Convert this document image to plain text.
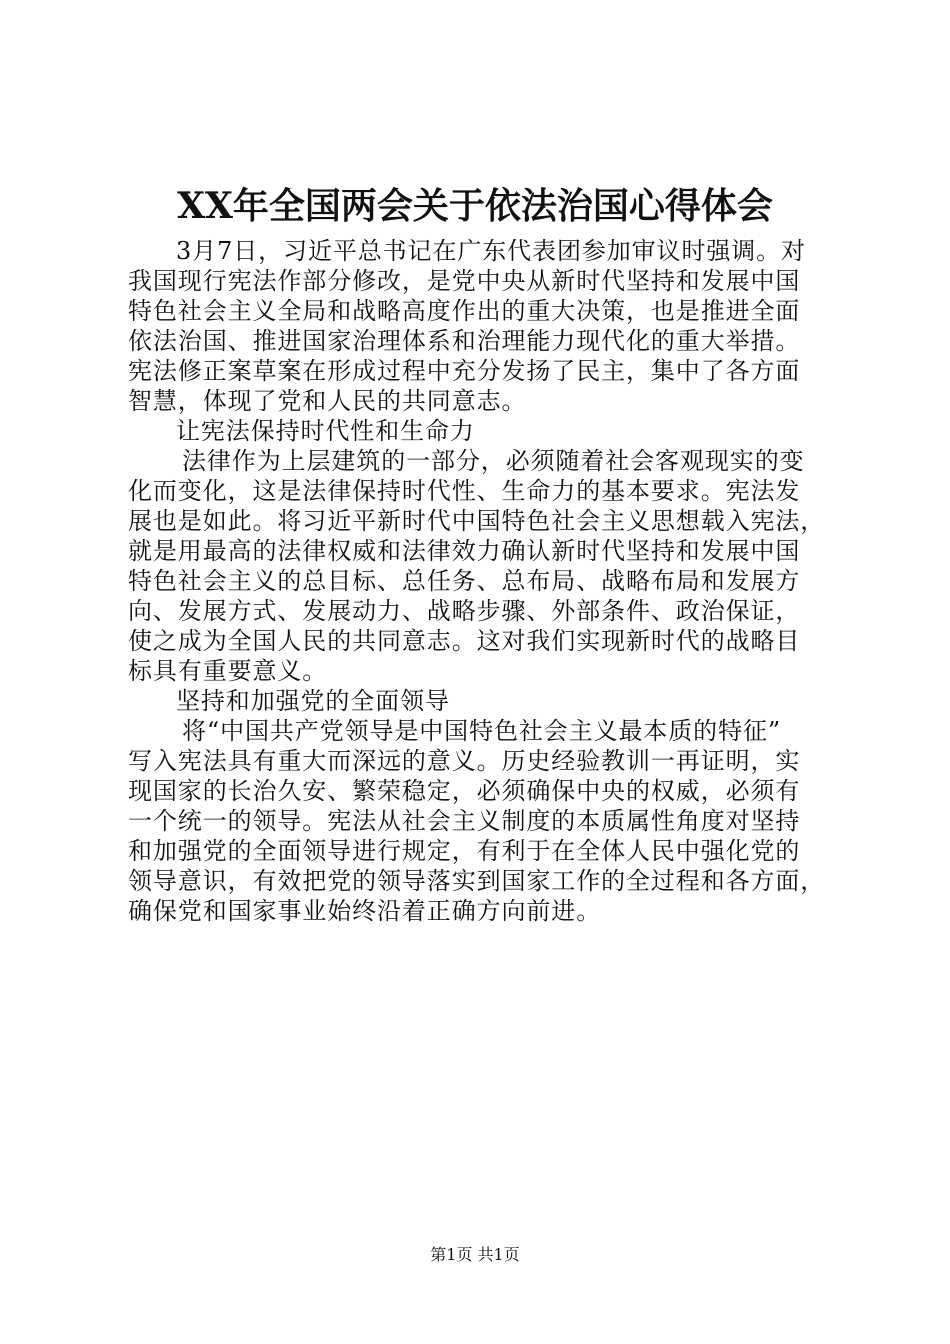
XX年全国两会关于依法治国心得体会
3月7日，习近平总书记在广东代表团参加审议时强调。对
我国现行宪法作部分修改，是党中央从新时代坚持和发展中国
特色社会主义全局和战略高度作出的重大决策，也是推进全面
依法治国、推进国家治理体系和治理能力现代化的重大举措。
宪法修正案草案在形成过程中充分发扬了民主，集中了各方面
智慧，体现了党和人民的共同意志。
让宪法保持时代性和生命力
法律作为上层建筑的一部分，必须随着社会客观现实的变
化而变化，这是法律保持时代性、生命力的基本要求。宪法发
展也是如此。将习近平新时代中国特色社会主义思想载入宪法，
就是用最高的法律权威和法律效力确认新时代坚持和发展中国
特色社会主义的总目标、总任务、总布局、战略布局和发展方
向、发展方式、发展动力、战略步骤、外部条件、政治保证，
使之成为全国人民的共同意志。这对我们实现新时代的战略目
标具有重要意义。
坚持和加强党的全面领导
将“中国共产党领导是中国特色社会主义最本质的特征”
写入宪法具有重大而深远的意义。历史经验教训一再证明，实
现国家的长治久安、繁荣稳定，必须确保中央的权威，必须有
一个统一的领导。宪法从社会主义制度的本质属性角度对坚持
和加强党的全面领导进行规定，有利于在全体人民中强化党的
领导意识，有效把党的领导落实到国家工作的全过程和各方面，
确保党和国家事业始终沿着正确方向前进。
第1页 共1页
